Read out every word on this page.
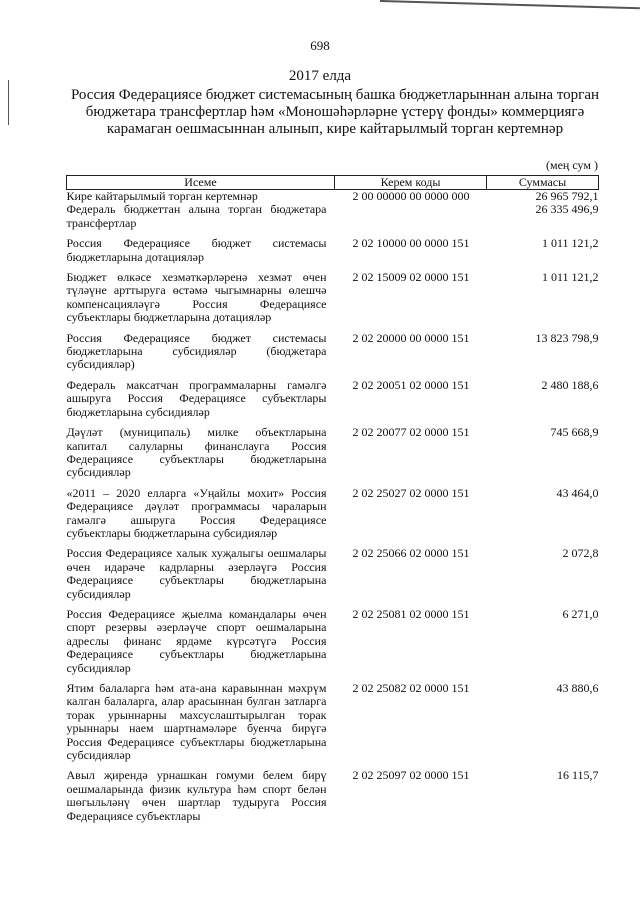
698
2017 елда
Россия Федерациясе бюджет системасының башка бюджетларыннан алына торган бюджетара трансфертлар һәм «Моношәһәрләрне үстерү фонды» коммерциягә карамаган оешмасыннан алынып, кире кайтарылмый торган кертемнәр
(мең сум )
Исеме	Керем коды	Суммасы
Кире кайтарылмый торган кертемнәр	2 00 00000 00 0000 000	26 965 792,1
Федераль бюджеттан алына торган бюджетара трансфертлар		26 335 496,9
Россия Федерациясе бюджет системасы бюджетларына дотацияләр	2 02 10000 00 0000 151	1 011 121,2
Бюджет өлкәсе хезмәткәрләренә хезмәт өчен түләүне арттыруга өстәмә чыгымнарны өлешчә компенсацияләүгә Россия Федерациясе субъектлары бюджетларына дотацияләр	2 02 15009 02 0000 151	1 011 121,2
Россия Федерациясе бюджет системасы бюджетларына субсидияләр (бюджетара субсидияләр)	2 02 20000 00 0000 151	13 823 798,9
Федераль максатчан программаларны гамәлгә ашыруга Россия Федерациясе субъектлары бюджетларына субсидияләр	2 02 20051 02 0000 151	2 480 188,6
Дәүләт (муниципаль) милке объектларына капитал салуларны финанслауга Россия Федерациясе субъектлары бюджетларына субсидияләр	2 02 20077 02 0000 151	745 668,9
«2011 – 2020 елларга «Уңайлы мохит» Россия Федерациясе дәүләт программасы чараларын гамәлгә ашыруга Россия Федерациясе субъектлары бюджетларына субсидияләр	2 02 25027 02 0000 151	43 464,0
Россия Федерациясе халык хуҗалыгы оешмалары өчен идарәче кадрларны әзерләүгә Россия Федерациясе субъектлары бюджетларына субсидияләр	2 02 25066 02 0000 151	2 072,8
Россия Федерациясе җыелма командалары өчен спорт резервы әзерләүче спорт оешмаларына адреслы финанс ярдәме күрсәтүгә Россия Федерациясе субъектлары бюджетларына субсидияләр	2 02 25081 02 0000 151	6 271,0
Ятим балаларга һәм ата-ана каравыннан мәхрүм калган балаларга, алар арасыннан булган затларга торак урыннарны махсуслаштырылган торак урыннары наем шартнамәләре буенча бирүгә Россия Федерациясе субъектлары бюджетларына субсидияләр	2 02 25082 02 0000 151	43 880,6
Авыл җирендә урнашкан гомуми белем бирү оешмаларында физик культура һәм спорт белән шөгыльләнү өчен шартлар тудыруга Россия Федерациясе субъектлары	2 02 25097 02 0000 151	16 115,7
